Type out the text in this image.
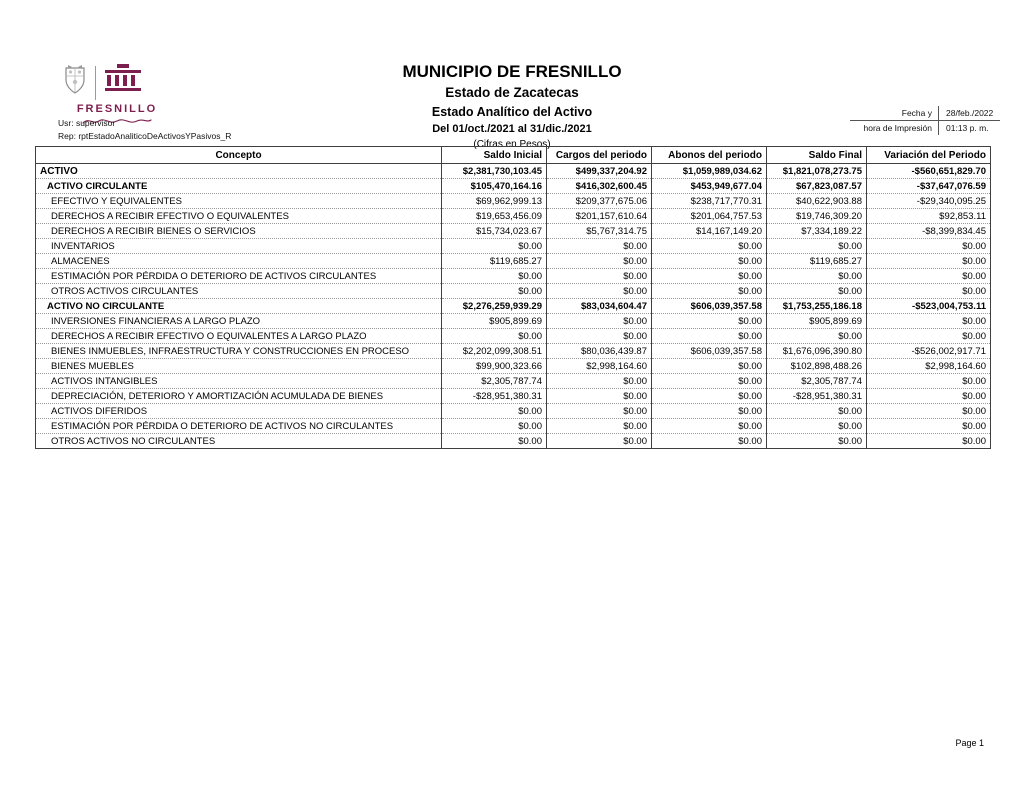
FRESNILLO
Usr: supervisor
Rep: rptEstadoAnaliticoDeActivosYPasivos_R
MUNICIPIO DE FRESNILLO
Estado de Zacatecas
Estado Analítico del Activo
Del 01/oct./2021 al 31/dic./2021
(Cifras en Pesos)
Fecha y	28/feb./2022
hora de Impresión	01:13 p. m.
Concepto	Saldo Inicial	Cargos del periodo	Abonos del periodo	Saldo Final	Variación del Periodo
ACTIVO	$2,381,730,103.45	$499,337,204.92	$1,059,989,034.62	$1,821,078,273.75	-$560,651,829.70
ACTIVO CIRCULANTE	$105,470,164.16	$416,302,600.45	$453,949,677.04	$67,823,087.57	-$37,647,076.59
EFECTIVO Y EQUIVALENTES	$69,962,999.13	$209,377,675.06	$238,717,770.31	$40,622,903.88	-$29,340,095.25
DERECHOS A RECIBIR EFECTIVO O EQUIVALENTES	$19,653,456.09	$201,157,610.64	$201,064,757.53	$19,746,309.20	$92,853.11
DERECHOS A RECIBIR BIENES O SERVICIOS	$15,734,023.67	$5,767,314.75	$14,167,149.20	$7,334,189.22	-$8,399,834.45
INVENTARIOS	$0.00	$0.00	$0.00	$0.00	$0.00
ALMACENES	$119,685.27	$0.00	$0.00	$119,685.27	$0.00
ESTIMACIÓN POR PÉRDIDA O DETERIORO DE ACTIVOS CIRCULANTES	$0.00	$0.00	$0.00	$0.00	$0.00
OTROS ACTIVOS CIRCULANTES	$0.00	$0.00	$0.00	$0.00	$0.00
ACTIVO NO CIRCULANTE	$2,276,259,939.29	$83,034,604.47	$606,039,357.58	$1,753,255,186.18	-$523,004,753.11
INVERSIONES FINANCIERAS A LARGO PLAZO	$905,899.69	$0.00	$0.00	$905,899.69	$0.00
DERECHOS A RECIBIR EFECTIVO O EQUIVALENTES A LARGO PLAZO	$0.00	$0.00	$0.00	$0.00	$0.00
BIENES INMUEBLES, INFRAESTRUCTURA Y CONSTRUCCIONES EN PROCESO	$2,202,099,308.51	$80,036,439.87	$606,039,357.58	$1,676,096,390.80	-$526,002,917.71
BIENES MUEBLES	$99,900,323.66	$2,998,164.60	$0.00	$102,898,488.26	$2,998,164.60
ACTIVOS INTANGIBLES	$2,305,787.74	$0.00	$0.00	$2,305,787.74	$0.00
DEPRECIACIÓN, DETERIORO Y AMORTIZACIÓN ACUMULADA DE BIENES	-$28,951,380.31	$0.00	$0.00	-$28,951,380.31	$0.00
ACTIVOS DIFERIDOS	$0.00	$0.00	$0.00	$0.00	$0.00
ESTIMACIÓN POR PÉRDIDA O DETERIORO DE ACTIVOS NO CIRCULANTES	$0.00	$0.00	$0.00	$0.00	$0.00
OTROS ACTIVOS NO CIRCULANTES	$0.00	$0.00	$0.00	$0.00	$0.00
Page 1
